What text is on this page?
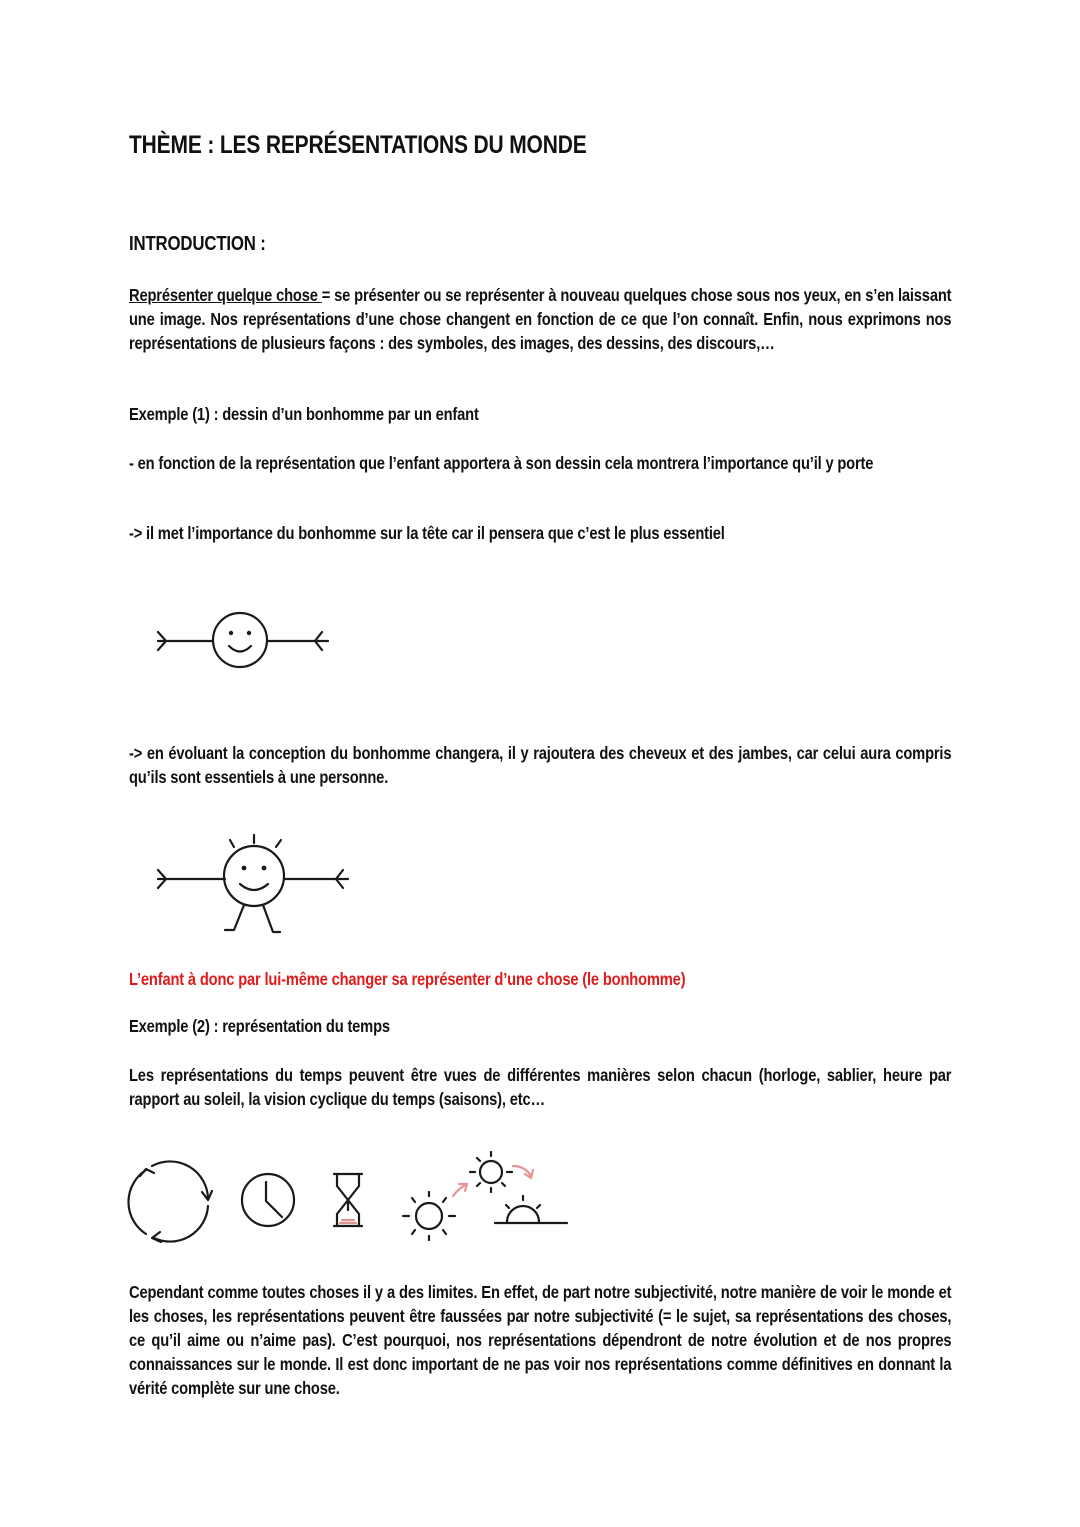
THÈME : LES REPRÉSENTATIONS DU MONDE
INTRODUCTION :
Représenter quelque chose = se présenter ou se représenter à nouveau quelques chose sous nos yeux, en s’en laissant une image. Nos représentations d’une chose changent en fonction de ce que l’on connaît. Enfin, nous exprimons nos représentations de plusieurs façons : des symboles, des images, des dessins, des discours,…
Exemple (1) : dessin d’un bonhomme par un enfant
- en fonction de la représentation que l’enfant apportera à son dessin cela montrera l’importance qu’il y porte
-> il met l’importance du bonhomme sur la tête car il pensera que c’est le plus essentiel
-> en évoluant la conception du bonhomme changera, il y rajoutera des cheveux et des jambes, car celui aura compris qu’ils sont essentiels à une personne.
L’enfant à donc par lui-même changer sa représenter d’une chose (le bonhomme)
Exemple (2) : représentation du temps
Les représentations du temps peuvent être vues de différentes manières selon chacun (horloge, sablier, heure par rapport au soleil, la vision cyclique du temps (saisons), etc…
Cependant comme toutes choses il y a des limites. En effet, de part notre subjectivité, notre manière de voir le monde et les choses, les représentations peuvent être faussées par notre subjectivité (= le sujet, sa représentations des choses, ce qu’il aime ou n’aime pas). C’est pourquoi, nos représentations dépendront de notre évolution et de nos propres connaissances sur le monde. Il est donc important de ne pas voir nos représentations comme définitives en donnant la vérité complète sur une chose.
